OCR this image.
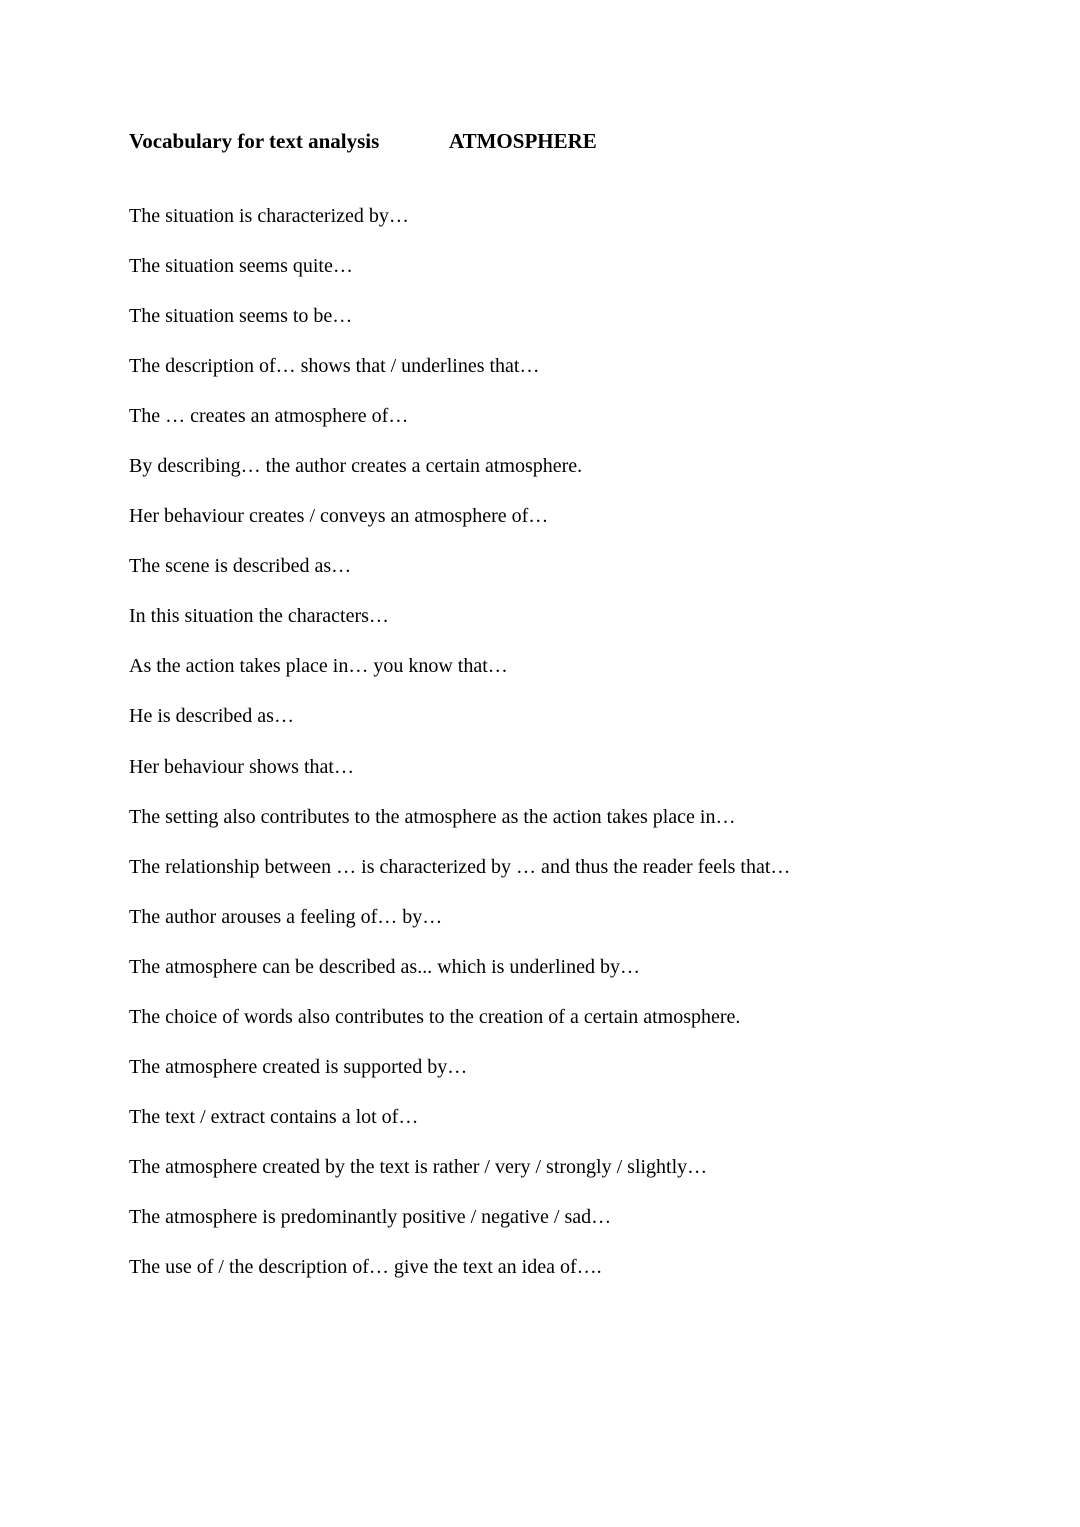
Vocabulary for text analysis	ATMOSPHERE
The situation is characterized by…
The situation seems quite…
The situation seems to be…
The description of… shows that / underlines that…
The … creates an atmosphere of…
By describing… the author creates a certain atmosphere.
Her behaviour creates / conveys an atmosphere of…
The scene is described as…
In this situation the characters…
As the action takes place in… you know that…
He is described as…
Her behaviour shows that…
The setting also contributes to the atmosphere as the action takes place in…
The relationship between … is characterized by … and thus the reader feels that…
The author arouses a feeling of… by…
The atmosphere can be described as... which is underlined by…
The choice of words also contributes to the creation of a certain atmosphere.
The atmosphere created is supported by…
The text / extract contains a lot of…
The atmosphere created by the text is rather / very / strongly / slightly…
The atmosphere is predominantly positive / negative / sad…
The use of / the description of… give the text an idea of….
